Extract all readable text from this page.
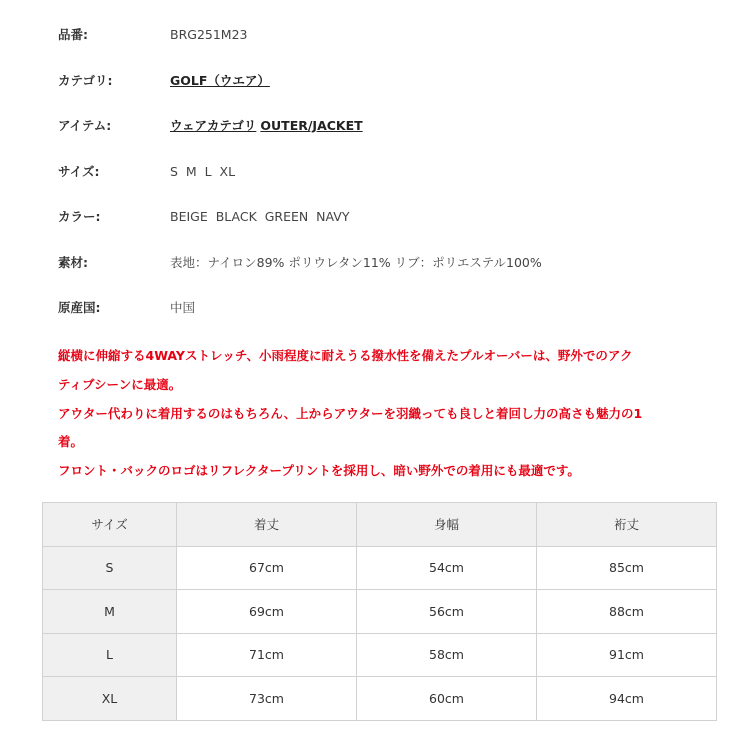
品番:	BRG251M23
カテゴリ:	GOLF（ウエア）
アイテム:	ウェアカテゴリ OUTER/JACKET
サイズ:	S  M  L  XL
カラー:	BEIGE  BLACK  GREEN  NAVY
素材:	表地：ナイロン89% ポリウレタン11% リブ：ポリエステル100%
原産国:	中国

縦横に伸縮する4WAYストレッチ、小雨程度に耐えうる撥水性を備えたプルオーバーは、野外でのアク

ティブシーンに最適。

アウター代わりに着用するのはもちろん、上からアウターを羽織っても良しと着回し力の高さも魅力の1

着。

フロント・バックのロゴはリフレクタープリントを採用し、暗い野外での着用にも最適です。

サイズ	着丈	身幅	裄丈
S	67cm	54cm	85cm
M	69cm	56cm	88cm
L	71cm	58cm	91cm
XL	73cm	60cm	94cm
